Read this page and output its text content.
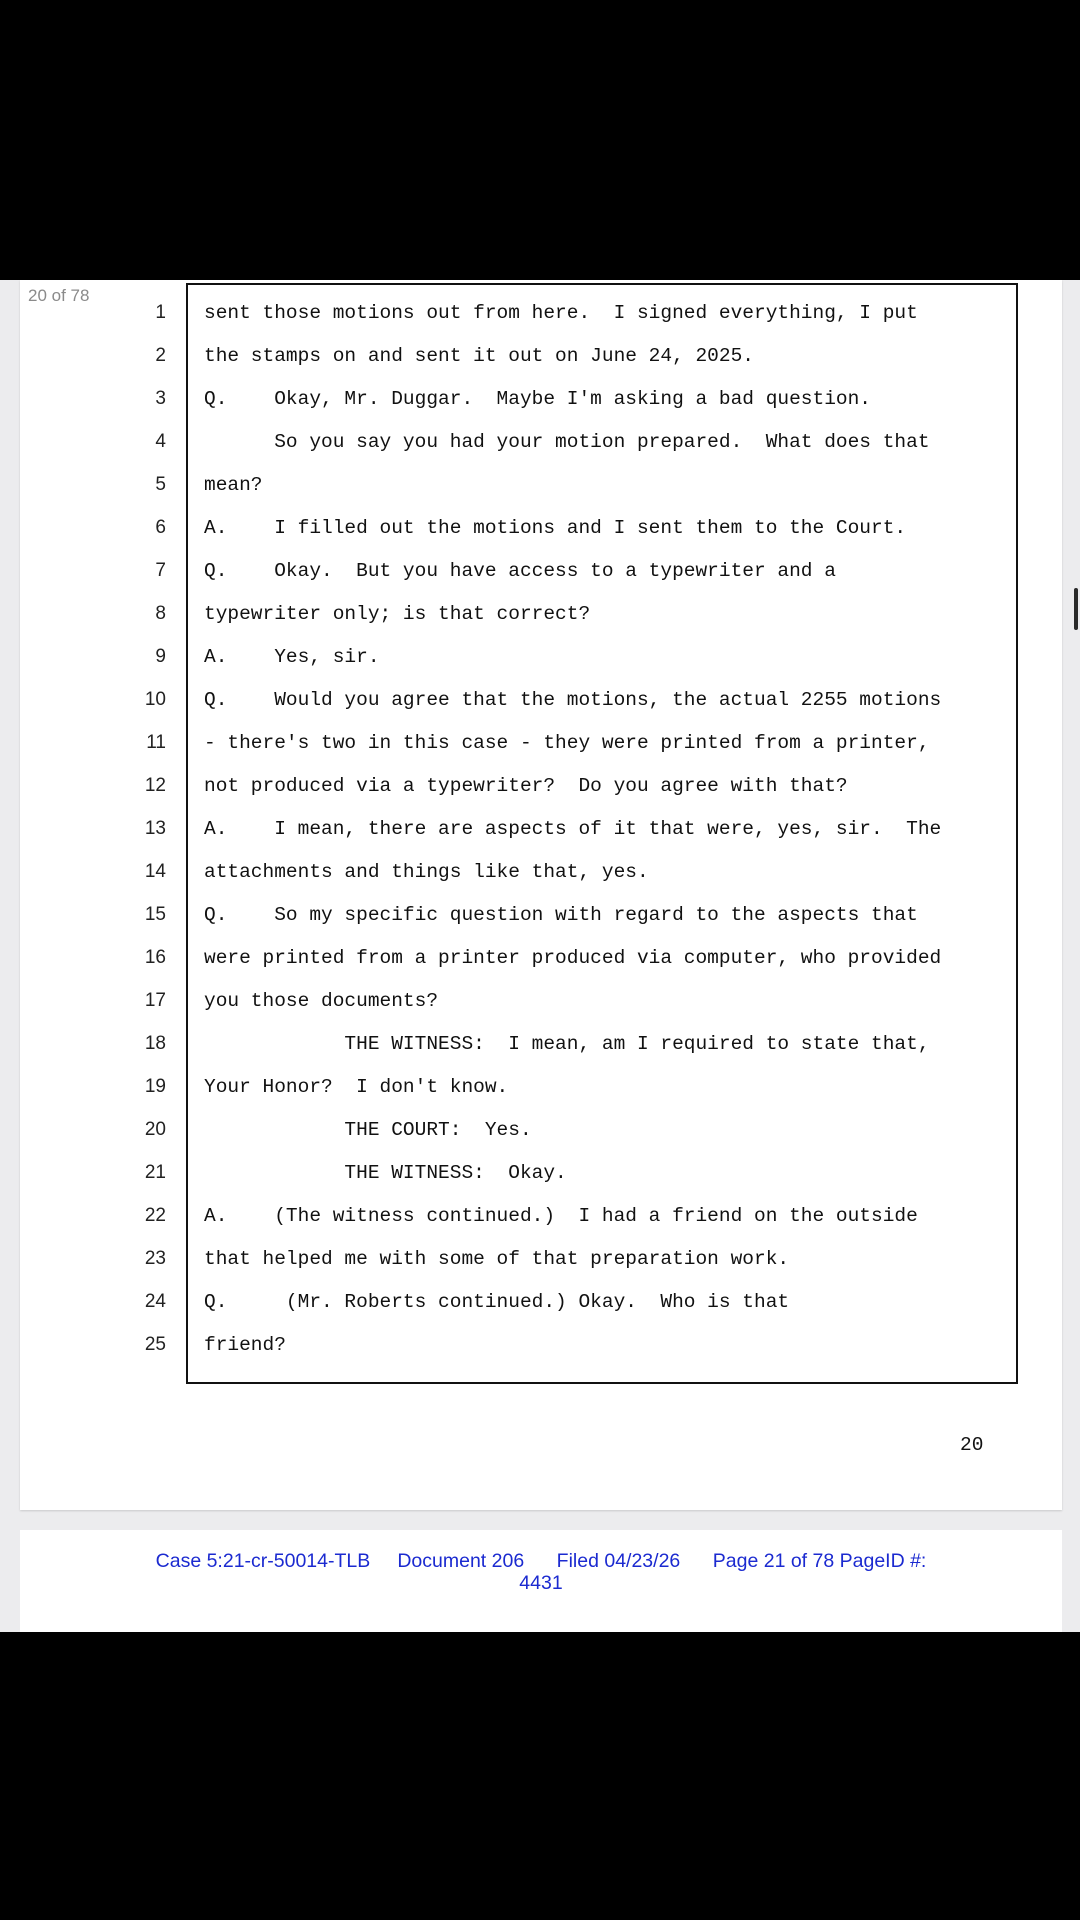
20 of 78
1 sent those motions out from here.  I signed everything, I put
2 the stamps on and sent it out on June 24, 2025.
3 Q.    Okay, Mr. Duggar.  Maybe I'm asking a bad question.
4 So you say you had your motion prepared.  What does that
5 mean?
6 A.    I filled out the motions and I sent them to the Court.
7 Q.    Okay.  But you have access to a typewriter and a
8 typewriter only; is that correct?
9 A.    Yes, sir.
10 Q.    Would you agree that the motions, the actual 2255 motions
11 - there's two in this case - they were printed from a printer,
12 not produced via a typewriter?  Do you agree with that?
13 A.    I mean, there are aspects of it that were, yes, sir.  The
14 attachments and things like that, yes.
15 Q.    So my specific question with regard to the aspects that
16 were printed from a printer produced via computer, who provided
17 you those documents?
18 THE WITNESS:  I mean, am I required to state that,
19 Your Honor?  I don't know.
20 THE COURT:  Yes.
21 THE WITNESS:  Okay.
22 A.    (The witness continued.)  I had a friend on the outside
23 that helped me with some of that preparation work.
24 Q.     (Mr. Roberts continued.) Okay.  Who is that
25 friend?
20
Case 5:21-cr-50014-TLB     Document 206      Filed 04/23/26      Page 21 of 78 PageID #:
4431
